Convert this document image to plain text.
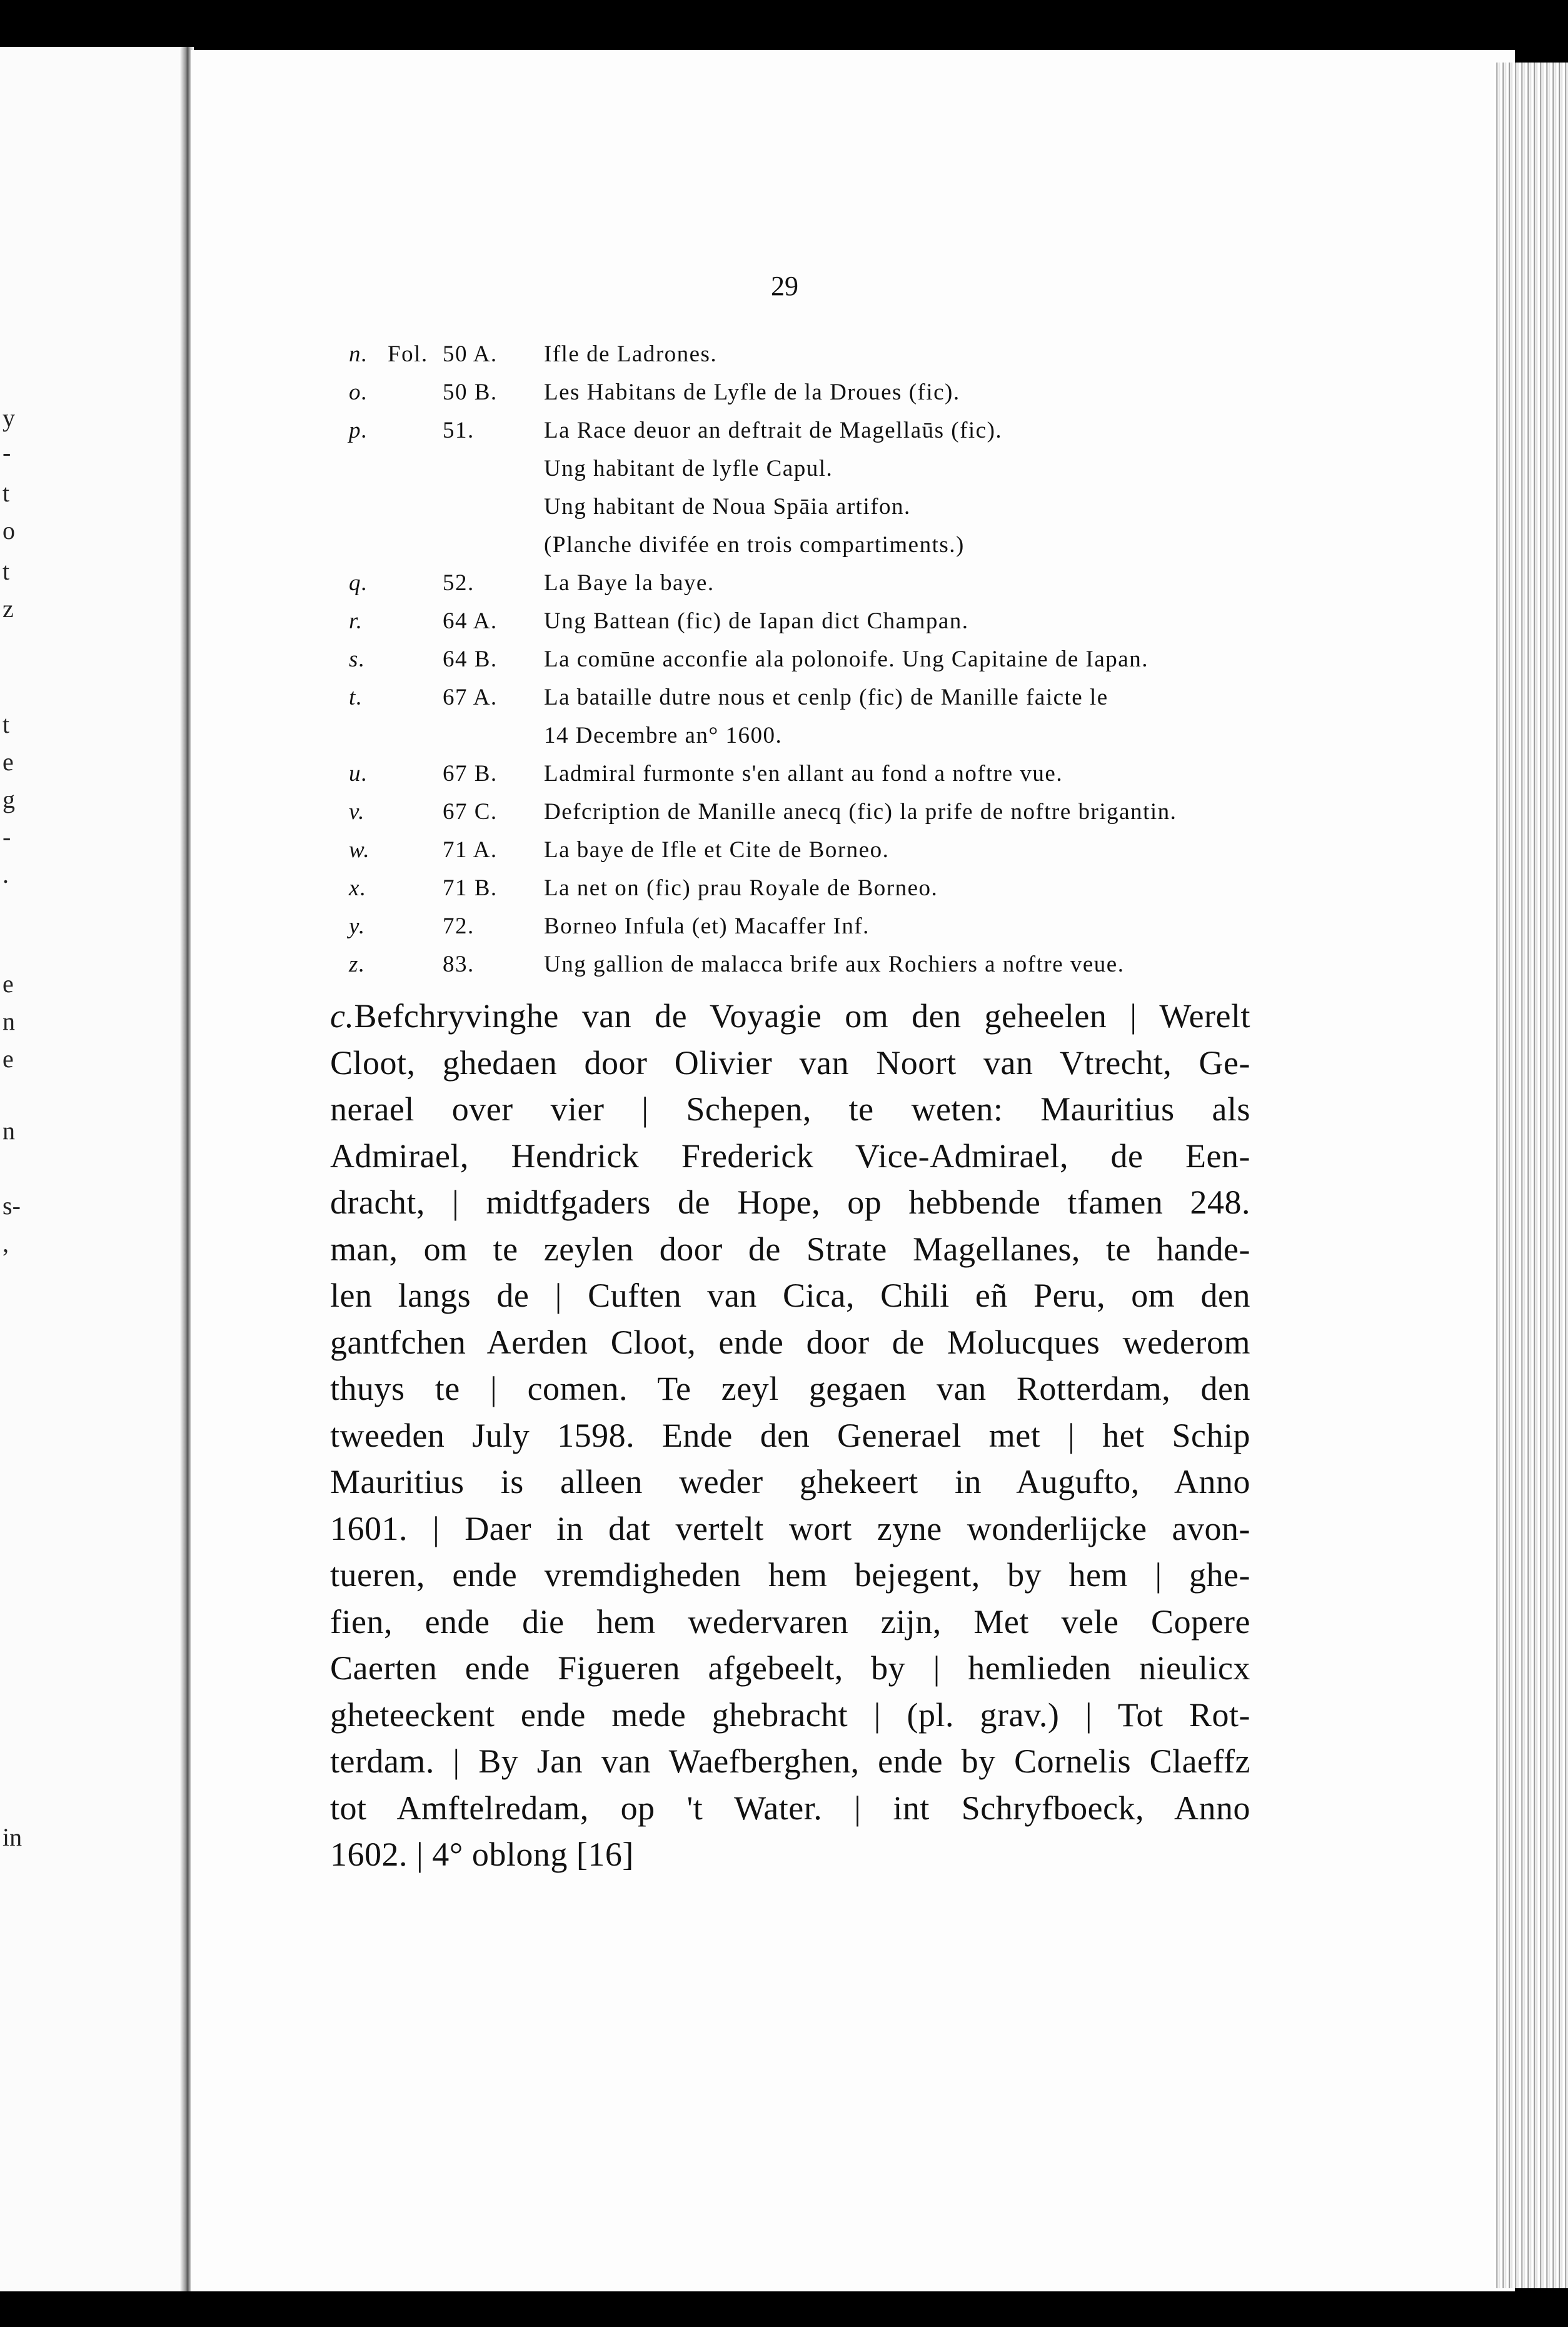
y
-
t
o
t
z
t
e
g
-
.
e
n
e
n
s-
,
in
29
n. Fol. 50 A. Ifle de Ladrones.
o.	50 B. Les Habitans de Lyfle de la Droues (fic).
p.	51.	La Race deuor an deftrait de Magellaūs (fic).
Ung habitant de lyfle Capul.
Ung habitant de Noua Spāia artifon.
(Planche divifée en trois compartiments.)
q.	52.	La Baye la baye.
r.	64 A. Ung Battean (fic) de Iapan dict Champan.
s.	64 B. La comūne acconfie ala polonoife. Ung Capitaine de Iapan.
t.	67 A. La bataille dutre nous et cenlp (fic) de Manille faicte le
14 Decembre an° 1600.
u.	67 B. Ladmiral furmonte s'en allant au fond a noftre vue.
v.	67 C. Defcription de Manille anecq (fic) la prife de noftre brigantin.
w.	71 A. La baye de Ifle et Cite de Borneo.
x.	71 B. La net on (fic) prau Royale de Borneo.
y.	72.	Borneo Infula (et) Macaffer Inf.
z.	83.	Ung gallion de malacca brife aux Rochiers a noftre veue.
c.Befchryvinghe van de Voyagie om den geheelen | Werelt
Cloot, ghedaen door Olivier van Noort van Vtrecht, Ge-
nerael over vier | Schepen, te weten: Mauritius als
Admirael, Hendrick Frederick Vice-Admirael, de Een-
dracht, | midtfgaders de Hope, op hebbende tfamen 248.
man, om te zeylen door de Strate Magellanes, te hande-
len langs de | Cuften van Cica, Chili eñ Peru, om den
gantfchen Aerden Cloot, ende door de Molucques wederom
thuys te | comen. Te zeyl gegaen van Rotterdam, den
tweeden July 1598. Ende den Generael met | het Schip
Mauritius is alleen weder ghekeert in Augufto, Anno
1601. | Daer in dat vertelt wort zyne wonderlijcke avon-
tueren, ende vremdigheden hem bejegent, by hem | ghe-
fien, ende die hem wedervaren zijn, Met vele Copere
Caerten ende Figueren afgebeelt, by | hemlieden nieulicx
gheteeckent ende mede ghebracht | (pl. grav.) | Tot Rot-
terdam. | By Jan van Waefberghen, ende by Cornelis Claeffz
tot Amftelredam, op 't Water. | int Schryfboeck, Anno
1602. | 4° oblong [16]
